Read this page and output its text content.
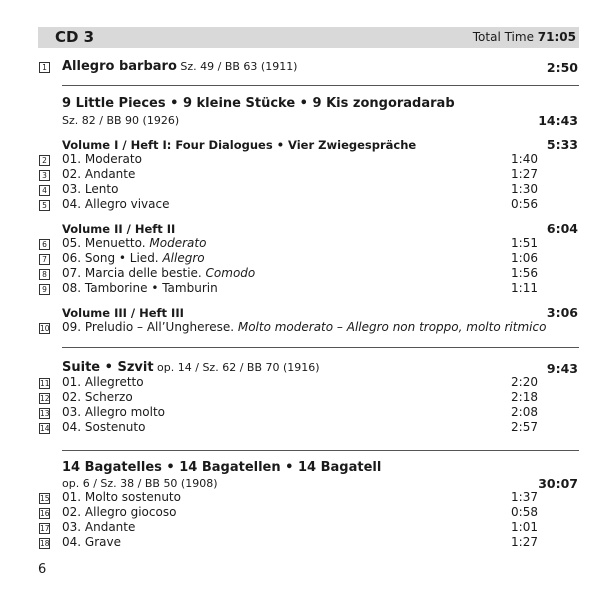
CD 3	Total Time 71:05
1 Allegro barbaro Sz. 49 / BB 63 (1911)	2:50
9 Little Pieces • 9 kleine Stücke • 9 Kis zongoradarab
Sz. 82 / BB 90 (1926)	14:43
Volume I / Heft I: Four Dialogues • Vier Zwiegespräche	5:33
Volume II / Heft II	6:04
Volume III / Heft III	3:06
Suite • Szvit op. 14 / Sz. 62 / BB 70 (1916)	9:43
14 Bagatelles • 14 Bagatellen • 14 Bagatell
op. 6 / Sz. 38 / BB 50 (1908)	30:07
6
2 01. Moderato	1:40
3 02. Andante	1:27
4 03. Lento	1:30
5 04. Allegro vivace	0:56
6 05. Menuetto. Moderato	1:51
7 06. Song • Lied. Allegro	1:06
8 07. Marcia delle bestie. Comodo	1:56
9 08. Tamborine • Tamburin	1:11
10 09. Preludio – All’Ungherese. Molto moderato – Allegro non troppo, molto ritmico
11 01. Allegretto	2:20
12 02. Scherzo	2:18
13 03. Allegro molto	2:08
14 04. Sostenuto	2:57
15 01. Molto sostenuto	1:37
16 02. Allegro giocoso	0:58
17 03. Andante	1:01
18 04. Grave	1:27
